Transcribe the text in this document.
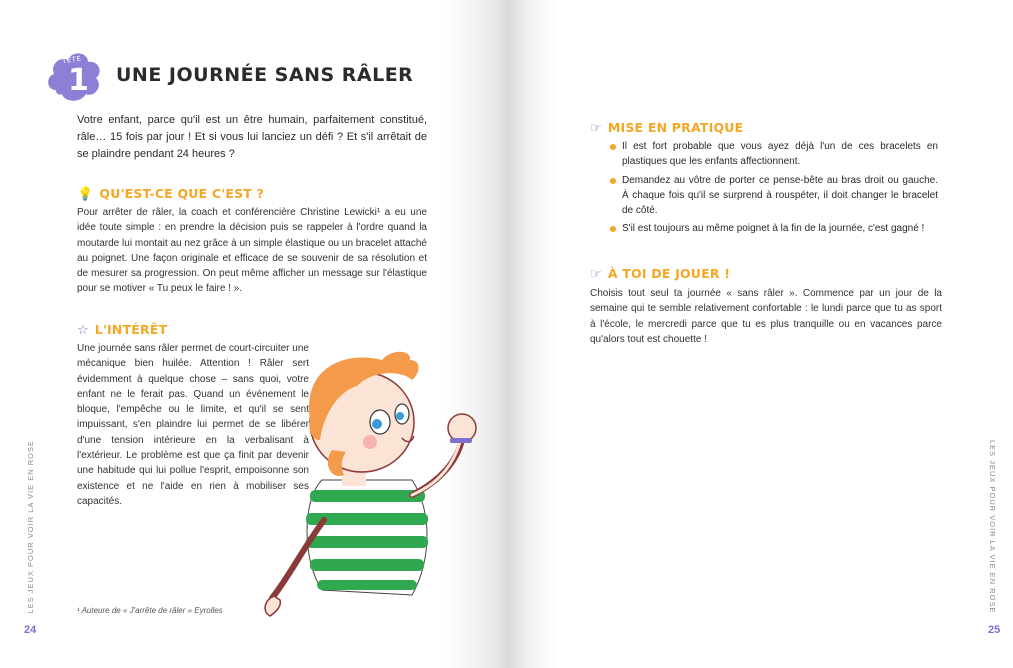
TÊTE
1 UNE JOURNÉE SANS RÂLER
Votre enfant, parce qu'il est un être humain, parfaitement constitué, râle… 15 fois par jour ! Et si vous lui lanciez un défi ? Et s'il arrêtait de se plaindre pendant 24 heures ?
💡 QU'EST-CE QUE C'EST ?
Pour arrêter de râler, la coach et conférencière Christine Lewicki¹ a eu une idée toute simple : en prendre la décision puis se rappeler à l'ordre quand la moutarde lui montait au nez grâce à un simple élastique ou un bracelet attaché au poignet. Une façon originale et efficace de se souvenir de sa résolution et de mesurer sa progression. On peut même afficher un message sur l'élastique pour se motiver « Tu peux le faire ! ».
☆ L'INTÉRÊT
Une journée sans râler permet de court-circuiter une mécanique bien huilée. Attention ! Râler sert évidemment à quelque chose – sans quoi, votre enfant ne le ferait pas. Quand un événement le bloque, l'empêche ou le limite, et qu'il se sent impuissant, s'en plaindre lui permet de se libérer d'une tension intérieure en la verbalisant à l'extérieur. Le problème est que ça finit par devenir une habitude qui lui pollue l'esprit, empoisonne son existence et ne l'aide en rien à mobiliser ses capacités.
¹ Auteure de « J'arrête de râler » Eyrolles
24
LES JEUX POUR VOIR LA VIE EN ROSE
☞ MISE EN PRATIQUE
Il est fort probable que vous ayez déjà l'un de ces bracelets en plastiques que les enfants affectionnent.
Demandez au vôtre de porter ce pense-bête au bras droit ou gauche. À chaque fois qu'il se surprend à rouspéter, il doit changer le bracelet de côté.
S'il est toujours au même poignet à la fin de la journée, c'est gagné !
☞ À TOI DE JOUER !
Choisis tout seul ta journée « sans râler ». Commence par un jour de la semaine qui te semble relativement confortable : le lundi parce que tu as sport à l'école, le mercredi parce que tu es plus tranquille ou en vacances parce qu'alors tout est chouette !
25
LES JEUX POUR VOIR LA VIE EN ROSE
